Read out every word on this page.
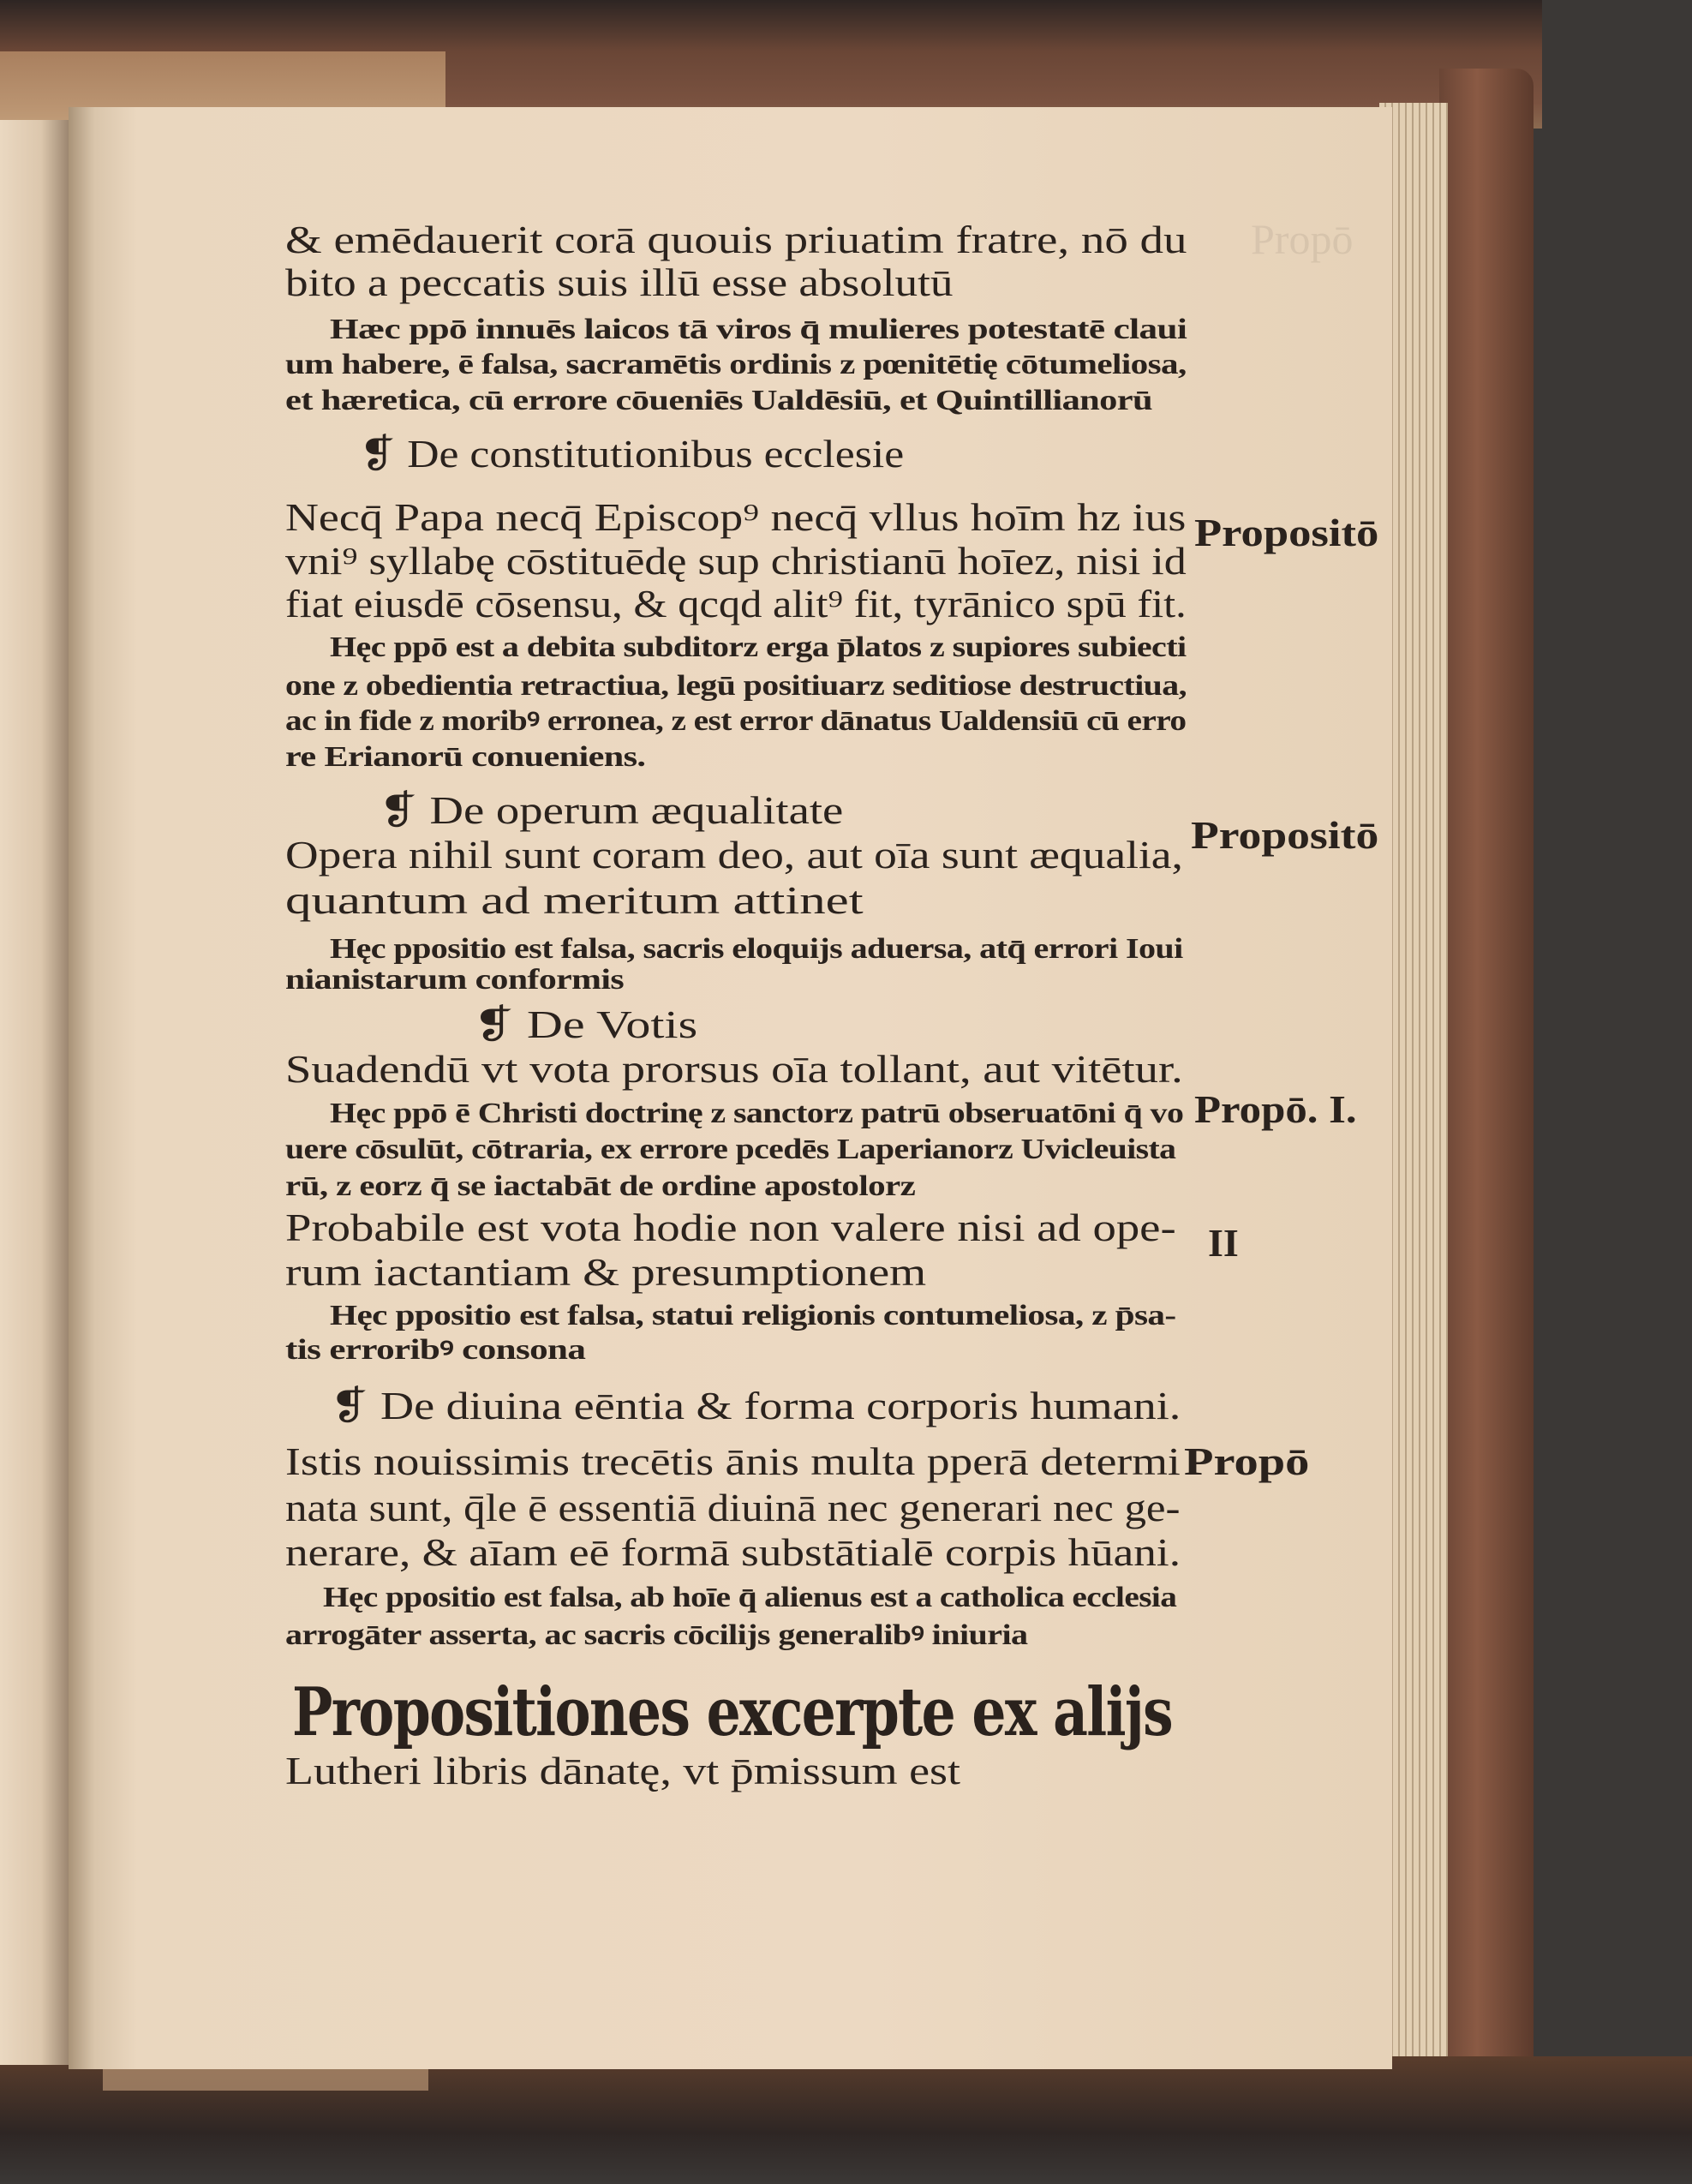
Propō
& emēdauerit corā quouis priuatim fratre, nō du
bito a peccatis suis illū esse absolutū
Hæc ppō innuēs laicos tā viros q̄ mulieres potestatē claui
um habere, ē falsa, sacramētis ordinis z pœnitētię cōtumeliosa,
et hæretica, cū errore cōueniēs Ualdēsiū, et Quintillianorū
❡ De constitutionibus ecclesie
Necq̄ Papa necq̄ Episcop⁹ necq̄ vllus hoīm hz ius
vni⁹ syllabę cōstituēdę sup christianū hoīez, nisi id
fiat eiusdē cōsensu, & qcqd alit⁹ fit, tyrānico spū fit.
Hęc ppō est a debita subditorz erga p̄latos z supiores subiecti
one z obedientia retractiua, legū positiuarz seditiose destructiua,
ac in fide z moribꝰ erronea, z est error dānatus Ualdensiū cū erro
re Erianorū conueniens.
❡ De operum æqualitate
Opera nihil sunt coram deo, aut oīa sunt æqualia,
quantum ad meritum attinet
Hęc ppositio est falsa, sacris eloquijs aduersa, atq̄ errori Ioui
nianistarum conformis
❡ De Votis
Suadendū vt vota prorsus oīa tollant, aut vitētur.
Hęc ppō ē Christi doctrinę z sanctorz patrū obseruatōni q̄ vo
uere cōsulūt, cōtraria, ex errore pcedēs Laperianorz Uvicleuista
rū, z eorz q̄ se iactabāt de ordine apostolorz
Probabile est vota hodie non valere nisi ad ope-
rum iactantiam & presumptionem
Hęc ppositio est falsa, statui religionis contumeliosa, z p̄sa-
tis erroribꝰ consona
❡ De diuina eēntia & forma corporis humani.
Istis nouissimis trecētis ānis multa pperā determi
nata sunt, q̄le ē essentiā diuinā nec generari nec ge-
nerare, & aīam eē formā substātialē corpis hūani.
Hęc ppositio est falsa, ab hoīe q̄ alienus est a catholica ecclesia
arrogāter asserta, ac sacris cōcilijs generalibꝰ iniuria
Propositiones excerpte ex alijs
Lutheri libris dānatę, vt p̄missum est
Propositō
Propositō
Propō. I.
II
Propō
